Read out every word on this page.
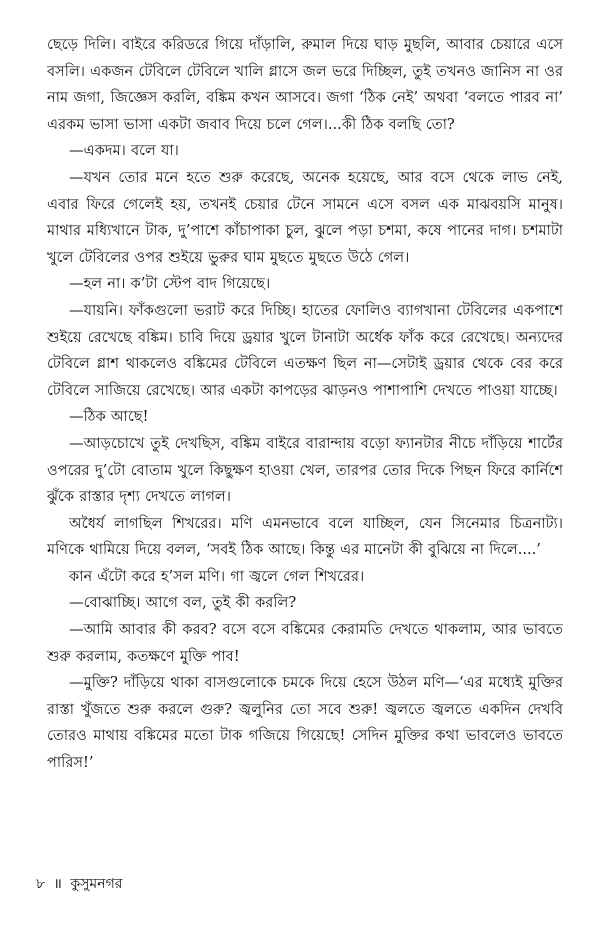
ছেড়ে দিলি। বাইরে করিডরে গিয়ে দাঁড়ালি, রুমাল দিয়ে ঘাড় মুছলি, আবার চেয়ারে এসে বসলি। একজন টেবিলে টেবিলে খালি গ্লাসে জল ভরে দিচ্ছিল, তুই তখনও জানিস না ওর নাম জগা, জিজ্ঞেস করলি, বঙ্কিম কখন আসবে। জগা ‘ঠিক নেই’ অথবা ‘বলতে পারব না’ এরকম ভাসা ভাসা একটা জবাব দিয়ে চলে গেল।...কী ঠিক বলছি তো?

—একদম। বলে যা।

—যখন তোর মনে হতে শুরু করেছে, অনেক হয়েছে, আর বসে থেকে লাভ নেই, এবার ফিরে গেলেই হয়, তখনই চেয়ার টেনে সামনে এসে বসল এক মাঝবয়সি মানুষ। মাথার মধ্যিখানে টাক, দু’পাশে কাঁচাপাকা চুল, ঝুলে পড়া চশমা, কষে পানের দাগ। চশমাটা খুলে টেবিলের ওপর শুইয়ে ভুরুর ঘাম মুছতে মুছতে উঠে গেল।

—হল না। ক’টা স্টেপ বাদ গিয়েছে।

—যায়নি। ফাঁকগুলো ভরাট করে দিচ্ছি। হাতের ফোলিও ব্যাগখানা টেবিলের একপাশে শুইয়ে রেখেছে বঙ্কিম। চাবি দিয়ে ড্রয়ার খুলে টানাটা অর্ধেক ফাঁক করে রেখেছে। অন্যদের টেবিলে গ্লাশ থাকলেও বঙ্কিমের টেবিলে এতক্ষণ ছিল না—সেটাই ড্রয়ার থেকে বের করে টেবিলে সাজিয়ে রেখেছে। আর একটা কাপড়ের ঝাড়নও পাশাপাশি দেখতে পাওয়া যাচ্ছে।

—ঠিক আছে!

—আড়চোখে তুই দেখছিস, বঙ্কিম বাইরে বারান্দায় বড়ো ফ্যানটার নীচে দাঁড়িয়ে শার্টের ওপরের দু’টো বোতাম খুলে কিছুক্ষণ হাওয়া খেল, তারপর তোর দিকে পিছন ফিরে কার্নিশে ঝুঁকে রাস্তার দৃশ্য দেখতে লাগল।

অধৈর্য লাগছিল শিখরের। মণি এমনভাবে বলে যাচ্ছিল, যেন সিনেমার চিত্রনাট্য। মণিকে থামিয়ে দিয়ে বলল, ‘সবই ঠিক আছে। কিন্তু এর মানেটা কী বুঝিয়ে না দিলে....’

কান এঁটো করে হ’সল মণি। গা জ্বলে গেল শিখরের।

—বোঝাচ্ছি। আগে বল, তুই কী করলি?

—আমি আবার কী করব? বসে বসে বঙ্কিমের কেরামতি দেখতে থাকলাম, আর ভাবতে শুরু করলাম, কতক্ষণে মুক্তি পাব!

—মুক্তি? দাঁড়িয়ে থাকা বাসগুলোকে চমকে দিয়ে হেসে উঠল মণি—‘এর মধ্যেই মুক্তির রাস্তা খুঁজতে শুরু করলে গুরু? জ্বলুনির তো সবে শুরু! জ্বলতে জ্বলতে একদিন দেখবি তোরও মাথায় বঙ্কিমের মতো টাক গজিয়ে গিয়েছে! সেদিন মুক্তির কথা ভাবলেও ভাবতে পারিস!’

৮ ॥ কুসুমনগর
